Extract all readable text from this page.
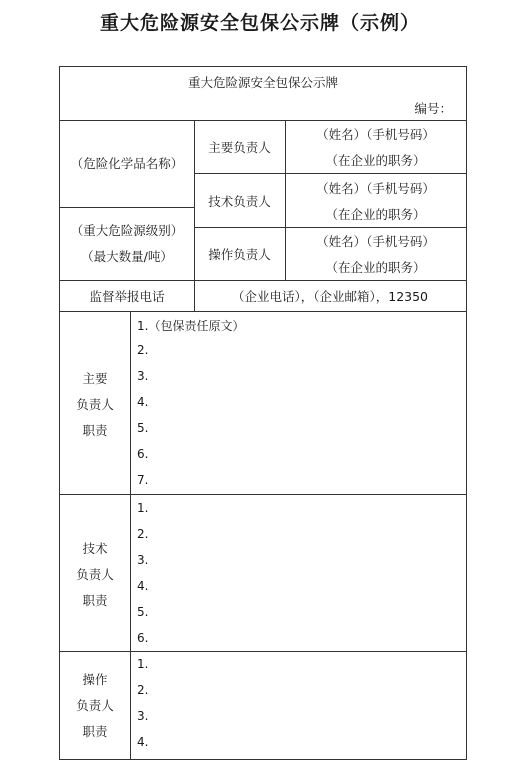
重大危险源安全包保公示牌（示例）
重大危险源安全包保公示牌
编号：
（危险化学品名称）
（重大危险源级别）
（最大数量/吨）
主要负责人
（姓名）（手机号码）
（在企业的职务）
技术负责人
（姓名）（手机号码）
（在企业的职务）
操作负责人
（姓名）（手机号码）
（在企业的职务）
监督举报电话	（企业电话），（企业邮箱），12350
主要
负责人
职责
1.（包保责任原文）
2.
3.
4.
5.
6.
7.
技术
负责人
职责
1.
2.
3.
4.
5.
6.
操作
负责人
职责
1.
2.
3.
4.
